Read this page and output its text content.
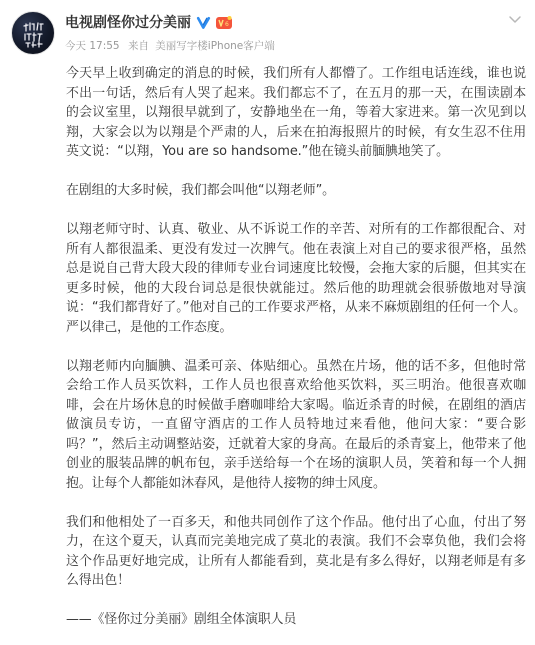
电视剧怪你过分美丽	6
今天 17:55 来自 美丽写字楼iPhone客户端

今天早上收到确定的消息的时候，我们所有人都懵了。工作组电话连线，谁也说不出一句话，然后有人哭了起来。我们都忘不了，在五月的那一天，在围读剧本的会议室里，以翔很早就到了，安静地坐在一角，等着大家进来。第一次见到以翔，大家会以为以翔是个严肃的人，后来在拍海报照片的时候，有女生忍不住用英文说：“以翔，You are so handsome.”他在镜头前腼腆地笑了。

在剧组的大多时候，我们都会叫他“以翔老师”。

以翔老师守时、认真、敬业、从不诉说工作的辛苦、对所有的工作都很配合、对所有人都很温柔、更没有发过一次脾气。他在表演上对自己的要求很严格，虽然总是说自己背大段大段的律师专业台词速度比较慢，会拖大家的后腿，但其实在更多时候，他的大段台词总是很快就能过。然后他的助理就会很骄傲地对导演说：“我们都背好了。”他对自己的工作要求严格，从来不麻烦剧组的任何一个人。严以律己，是他的工作态度。

以翔老师内向腼腆、温柔可亲、体贴细心。虽然在片场，他的话不多，但他时常会给工作人员买饮料，工作人员也很喜欢给他买饮料，买三明治。他很喜欢咖啡，会在片场休息的时候做手磨咖啡给大家喝。临近杀青的时候，在剧组的酒店做演员专访，一直留守酒店的工作人员特地过来看他，他问大家：“要合影吗？”，然后主动调整站姿，迁就着大家的身高。在最后的杀青宴上，他带来了他创业的服装品牌的帆布包，亲手送给每一个在场的演职人员，笑着和每一个人拥抱。让每个人都能如沐春风，是他待人接物的绅士风度。

我们和他相处了一百多天，和他共同创作了这个作品。他付出了心血，付出了努力，在这个夏天，认真而完美地完成了莫北的表演。我们不会辜负他，我们会将这个作品更好地完成，让所有人都能看到，莫北是有多么得好，以翔老师是有多么得出色！

——《怪你过分美丽》剧组全体演职人员
